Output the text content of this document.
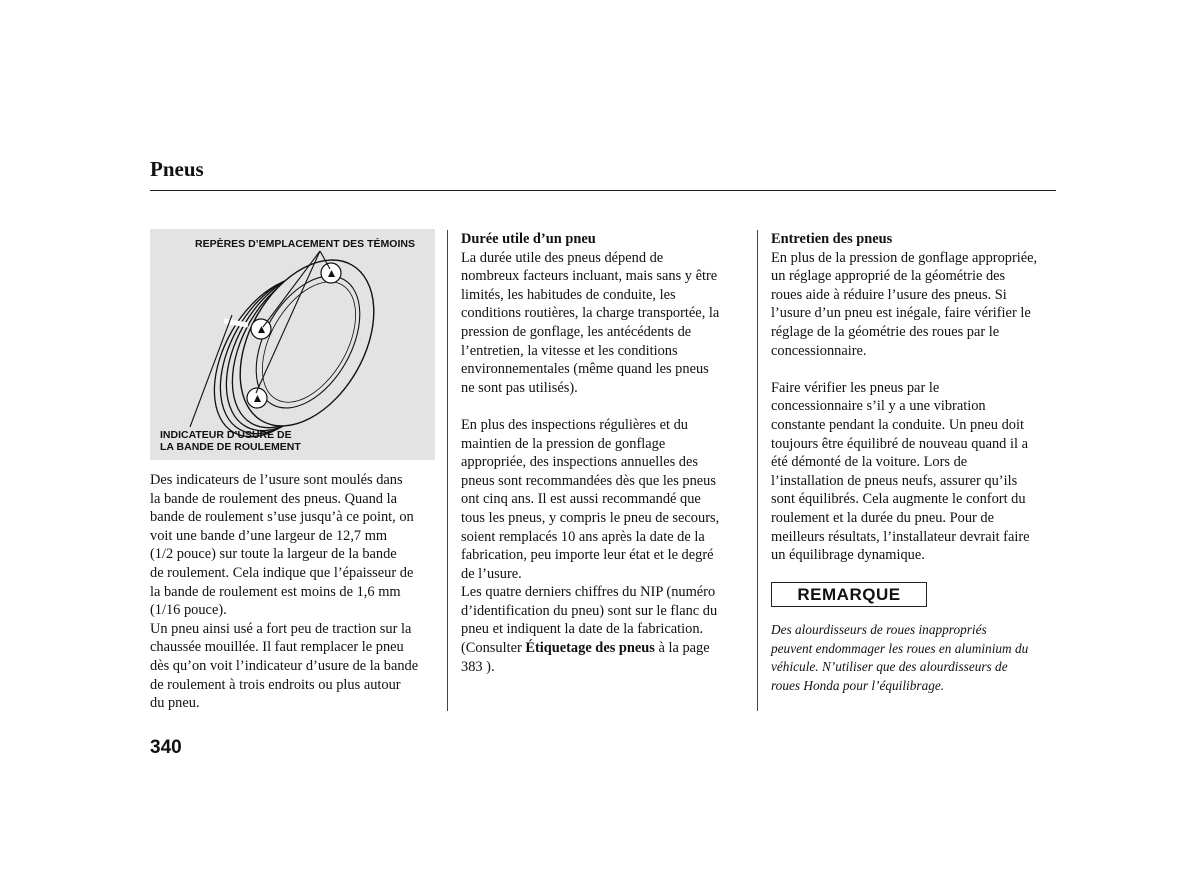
Pneus
REPÈRES D’EMPLACEMENT DES TÉMOINS
INDICATEUR D’USURE DE
LA BANDE DE ROULEMENT

Des indicateurs de l’usure sont moulés dans

la bande de roulement des pneus. Quand la

bande de roulement s’use jusqu’à ce point, on

voit une bande d’une largeur de 12,7 mm

(1/2 pouce) sur toute la largeur de la bande

de roulement. Cela indique que l’épaisseur de

la bande de roulement est moins de 1,6 mm

(1/16 pouce).

Un pneu ainsi usé a fort peu de traction sur la

chaussée mouillée. Il faut remplacer le pneu

dès qu’on voit l’indicateur d’usure de la bande

de roulement à trois endroits ou plus autour

du pneu.

Durée utile d’un pneu

La durée utile des pneus dépend de

nombreux facteurs incluant, mais sans y être

limités, les habitudes de conduite, les

conditions routières, la charge transportée, la

pression de gonflage, les antécédents de

l’entretien, la vitesse et les conditions

environnementales (même quand les pneus

ne sont pas utilisés).

En plus des inspections régulières et du

maintien de la pression de gonflage

appropriée, des inspections annuelles des

pneus sont recommandées dès que les pneus

ont cinq ans. Il est aussi recommandé que

tous les pneus, y compris le pneu de secours,

soient remplacés 10 ans après la date de la

fabrication, peu importe leur état et le degré

de l’usure.

Les quatre derniers chiffres du NIP (numéro

d’identification du pneu) sont sur le flanc du

pneu et indiquent la date de la fabrication.

(Consulter Étiquetage des pneus à la page

383 ).

Entretien des pneus

En plus de la pression de gonflage appropriée,

un réglage approprié de la géométrie des

roues aide à réduire l’usure des pneus. Si

l’usure d’un pneu est inégale, faire vérifier le

réglage de la géométrie des roues par le

concessionnaire.

Faire vérifier les pneus par le

concessionnaire s’il y a une vibration

constante pendant la conduite. Un pneu doit

toujours être équilibré de nouveau quand il a

été démonté de la voiture. Lors de

l’installation de pneus neufs, assurer qu’ils

sont équilibrés. Cela augmente le confort du

roulement et la durée du pneu. Pour de

meilleurs résultats, l’installateur devrait faire

un équilibrage dynamique.

REMARQUE

Des alourdisseurs de roues inappropriés

peuvent endommager les roues en aluminium du

véhicule. N’utiliser que des alourdisseurs de

roues Honda pour l’équilibrage.

340
